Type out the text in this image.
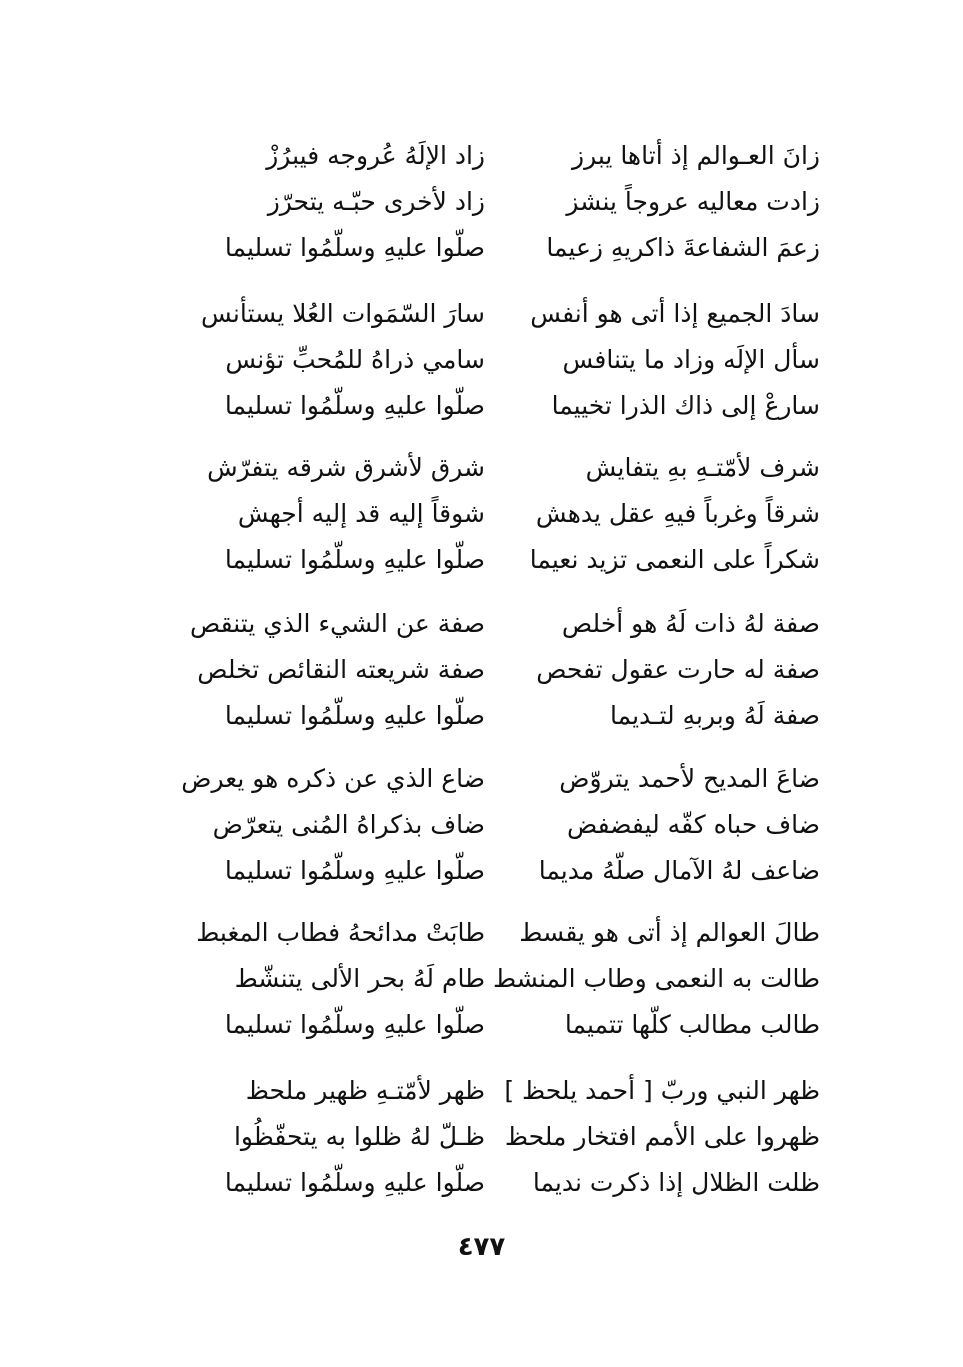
زانَ العـوالم إذ أتاها يبرز
زاد الإلَهُ عُروجه فيبرُزْ
زادت معاليه عروجاً ينشز
زاد لأخرى حبّـه يتحرّز
زعمَ الشفاعةَ ذاكريهِ زعيما
صلّوا عليهِ وسلّمُوا تسليما
سادَ الجميع إذا أتى هو أنفس
سارَ السّمَوات العُلا يستأنس
سأل الإلَه وزاد ما يتنافس
سامي ذراهُ للمُحبِّ تؤنس
سارعْ إلى ذاك الذرا تخييما
صلّوا عليهِ وسلّمُوا تسليما
شرف لأمّتـهِ بهِ يتفايش
شرق لأشرق شرقه يتفرّش
شرقاً وغرباً فيهِ عقل يدهش
شوقاً إليه قد إليه أجهش
شكراً على النعمى تزيد نعيما
صلّوا عليهِ وسلّمُوا تسليما
صفة لهُ ذات لَهُ هو أخلص
صفة عن الشيء الذي يتنقص
صفة له حارت عقول تفحص
صفة شريعته النقائص تخلص
صفة لَهُ وبربهِ لتـديما
صلّوا عليهِ وسلّمُوا تسليما
ضاعَ المديح لأحمد يتروّض
ضاع الذي عن ذكره هو يعرض
ضاف حباه كفّه ليفضفض
ضاف بذكراهُ المُنى يتعرّض
ضاعف لهُ الآمال صلّهُ مديما
صلّوا عليهِ وسلّمُوا تسليما
طالَ العوالم إذ أتى هو يقسط
طابَتْ مدائحهُ فطاب المغبط
طالت به النعمى وطاب المنشط
طام لَهُ بحر الألى يتنشّط
طالب مطالب كلّها تتميما
صلّوا عليهِ وسلّمُوا تسليما
ظهر النبي وربّ [ أحمد يلحظ ]
ظهر لأمّتـهِ ظهير ملحظ
ظهروا على الأمم افتخار ملحظ
ظـلّ لهُ ظلوا به يتحفّظُوا
ظلت الظلال إذا ذكرت نديما
صلّوا عليهِ وسلّمُوا تسليما
٤٧٧
